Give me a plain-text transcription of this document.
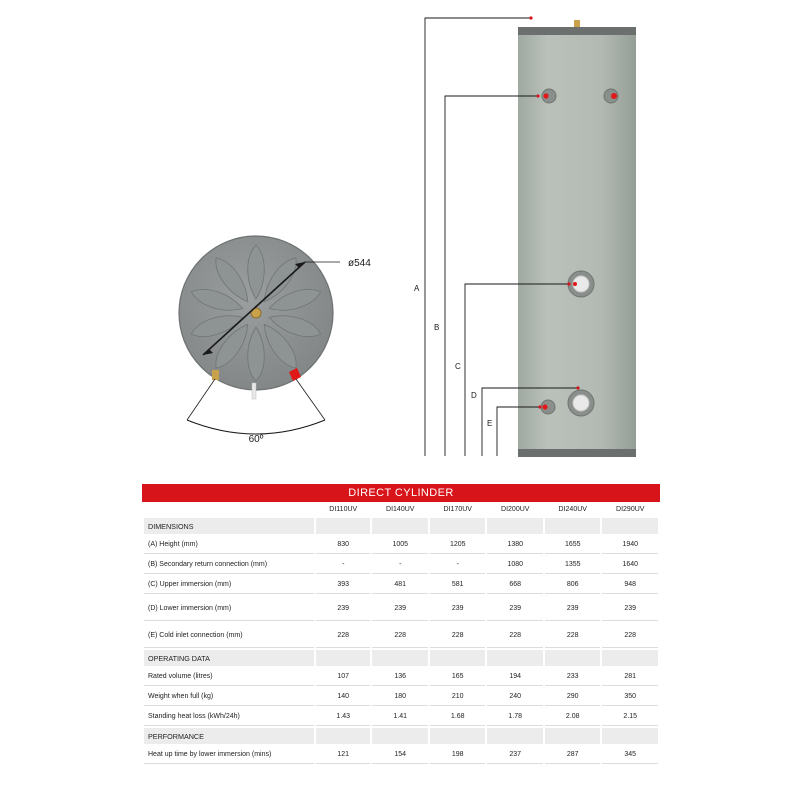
ø544
60º
A
B
C
D
E
DIRECT CYLINDER
	DI110UV	DI140UV	DI170UV	DI200UV	DI240UV	DI290UV
DIMENSIONS						
(A) Height (mm)	830	1005	1205	1380	1655	1940
(B) Secondary return connection (mm)	-	-	-	1080	1355	1640
(C) Upper immersion (mm)	393	481	581	668	806	948
(D) Lower immersion (mm)	239	239	239	239	239	239
(E) Cold inlet connection (mm)	228	228	228	228	228	228
OPERATING DATA						
Rated volume (litres)	107	136	165	194	233	281
Weight when full (kg)	140	180	210	240	290	350
Standing heat loss (kWh/24h)	1.43	1.41	1.68	1.78	2.08	2.15
PERFORMANCE						
Heat up time by lower immersion (mins)	121	154	198	237	287	345
